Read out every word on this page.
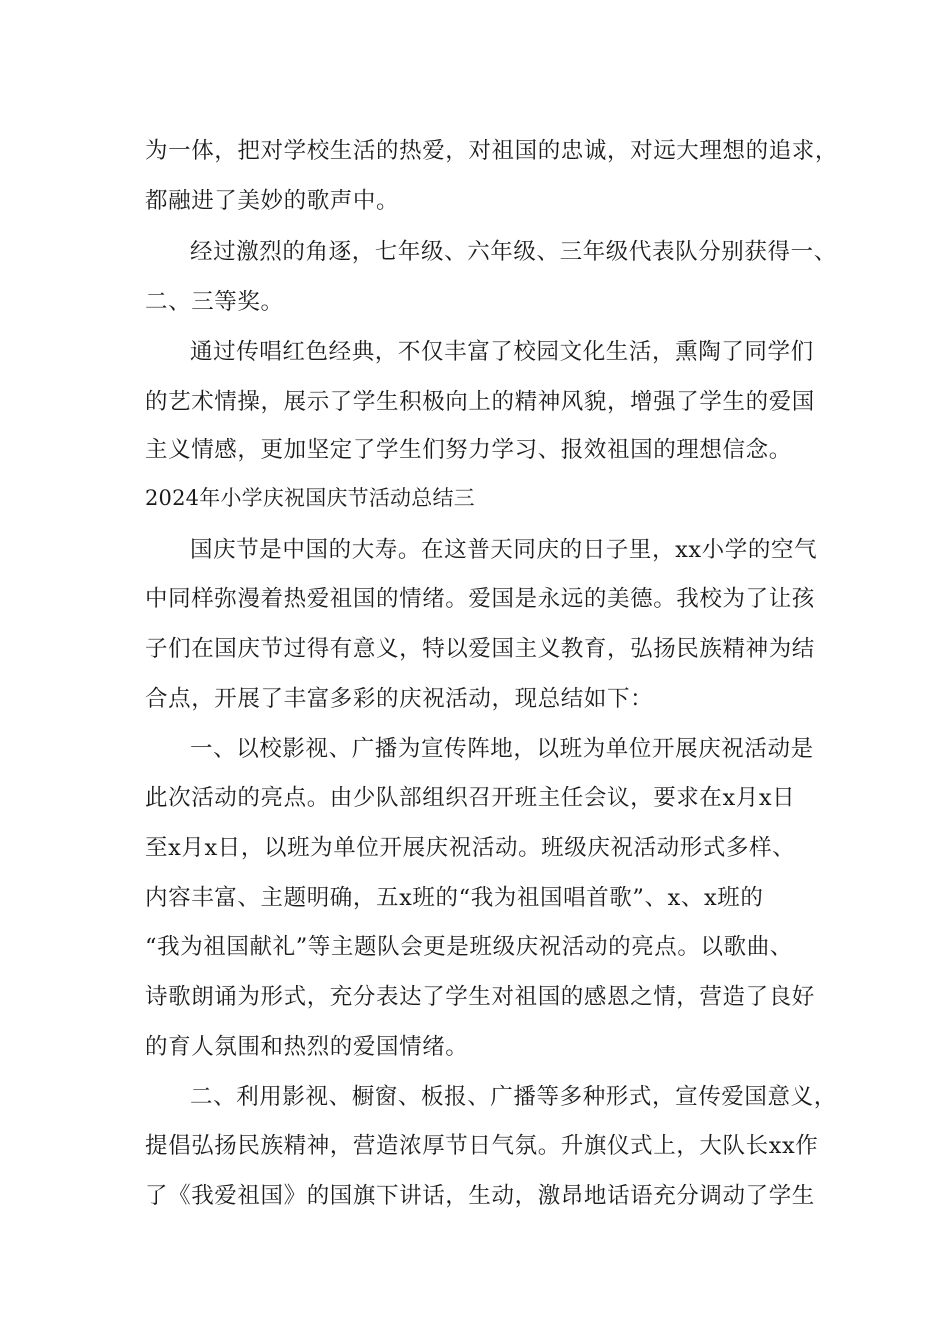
为一体，把对学校生活的热爱，对祖国的忠诚，对远大理想的追求，
都融进了美妙的歌声中。
经过激烈的角逐，七年级、六年级、三年级代表队分别获得一、
二、三等奖。
通过传唱红色经典，不仅丰富了校园文化生活，熏陶了同学们
的艺术情操，展示了学生积极向上的精神风貌，增强了学生的爱国
主义情感，更加坚定了学生们努力学习、报效祖国的理想信念。
2024年小学庆祝国庆节活动总结三
国庆节是中国的大寿。在这普天同庆的日子里，xx小学的空气
中同样弥漫着热爱祖国的情绪。爱国是永远的美德。我校为了让孩
子们在国庆节过得有意义，特以爱国主义教育，弘扬民族精神为结
合点，开展了丰富多彩的庆祝活动，现总结如下：
一、以校影视、广播为宣传阵地，以班为单位开展庆祝活动是
此次活动的亮点。由少队部组织召开班主任会议，要求在x月x日
至x月x日，以班为单位开展庆祝活动。班级庆祝活动形式多样、
内容丰富、主题明确，五x班的“我为祖国唱首歌”、x、x班的
“我为祖国献礼”等主题队会更是班级庆祝活动的亮点。以歌曲、
诗歌朗诵为形式，充分表达了学生对祖国的感恩之情，营造了良好
的育人氛围和热烈的爱国情绪。
二、利用影视、橱窗、板报、广播等多种形式，宣传爱国意义，
提倡弘扬民族精神，营造浓厚节日气氛。升旗仪式上，大队长xx作
了《我爱祖国》的国旗下讲话，生动，激昂地话语充分调动了学生
